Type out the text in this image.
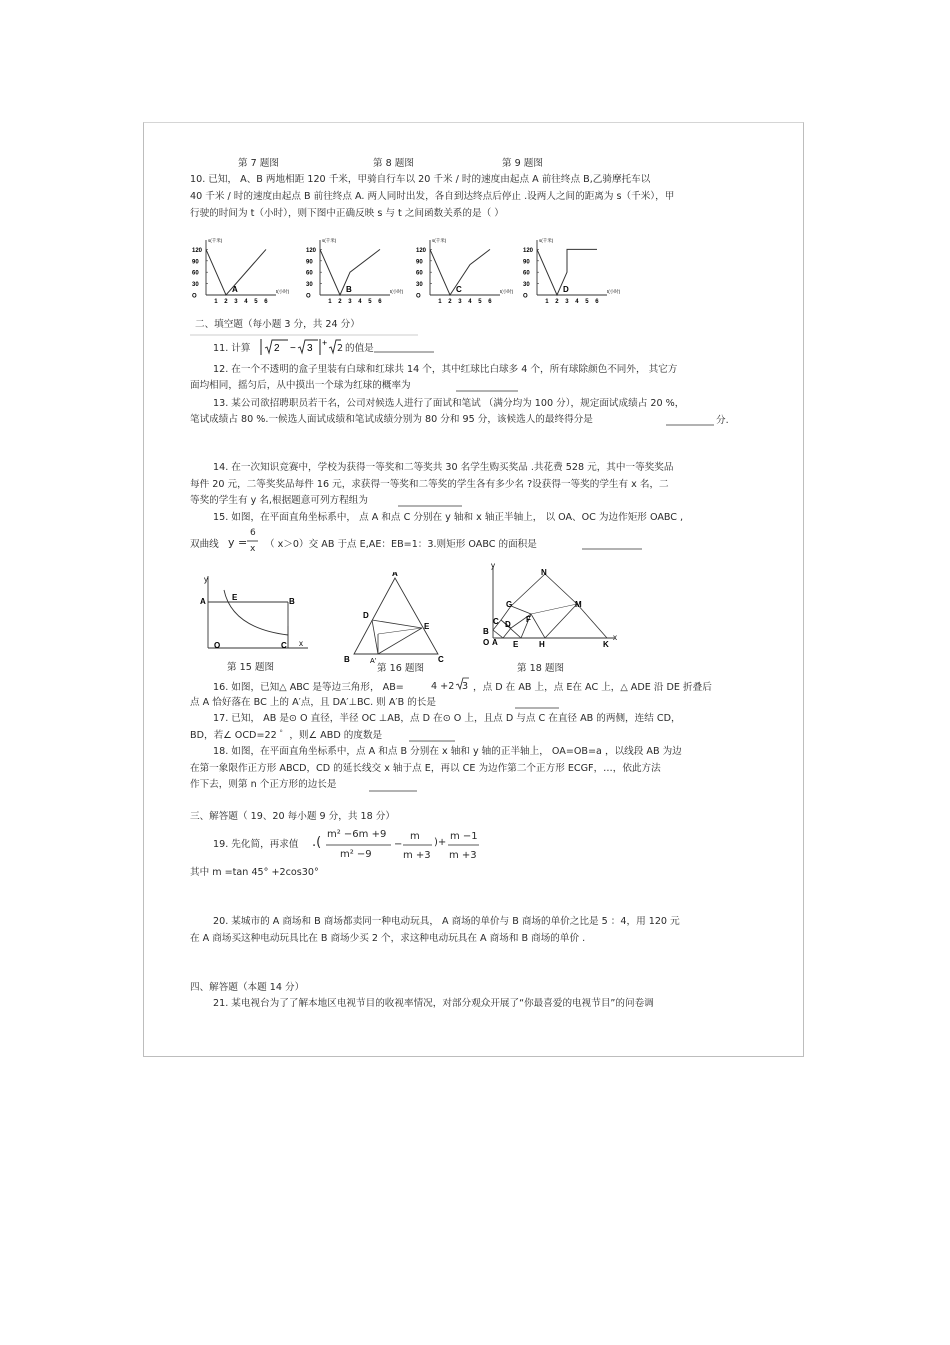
第 7 题图	第 8 题图	第 9 题图
10. 已知， A、B 两地相距 120 千米，甲骑自行车以 20 千米 / 时的速度由起点 A 前往终点 B,乙骑摩托车以
40 千米 / 时的速度由起点 B 前往终点 A. 两人同时出发，各自到达终点后停止 .设两人之间的距离为 s（千米），甲
行驶的时间为 t（小时），则下图中正确反映 s 与 t 之间函数关系的是（ ）
s(千米)
t(小时)
120
90
60
30
O
1 2 3 4 5 6
A
s(千米)
t(小时)
120
90
60
30
O
1 2 3 4 5 6
B
s(千米)
t(小时)
120
90
60
30
O
1 2 3 4 5 6
C
s(千米)
t(小时)
120
90
60
30
O
1 2 3 4 5 6
D
二、填空题（每小题 3 分，共 24 分）
11. 计算 2 − 3 + 2 的值是
12. 在一个不透明的盒子里装有白球和红球共 14 个，其中红球比白球多 4 个，所有球除颜色不同外， 其它方
面均相同，摇匀后，从中摸出一个球为红球的概率为
13. 某公司欲招聘职员若干名，公司对候选人进行了面试和笔试 （满分均为 100 分），规定面试成绩占 20 %，
笔试成绩占 80 %.一候选人面试成绩和笔试成绩分别为 80 分和 95 分，该候选人的最终得分是	分.
14. 在一次知识竞赛中，学校为获得一等奖和二等奖共 30 名学生购买奖品 .共花费 528 元，其中一等奖奖品
每件 20 元，二等奖奖品每件 16 元，求获得一等奖和二等奖的学生各有多少名 ?设获得一等奖的学生有 x 名，二
等奖的学生有 y 名,根据题意可列方程组为
15. 如图，在平面直角坐标系中， 点 A 和点 C 分别在 y 轴和 x 轴正半轴上， 以 OA、OC 为边作矩形 OABC ,
双曲线 y =
6
x （ x＞0）交 AB 于点 E,AE：EB=1：3.则矩形 OABC 的面积是
y
A	E	B
O	C x
第 15 题图
A
D
E
B	C
A'
第 16 题图
y
x
N
G	M
F
D
B
C
O A E	H	K
第 18 题图
16. 如图，已知△ ABC 是等边三角形， AB=	4 +2 3 ，点 D 在 AB 上，点 E在 AC 上，△ ADE 沿 DE 折叠后
点 A 恰好落在 BC 上的 A′点，且 DA′⊥BC. 则 A′B 的长是
17. 已知， AB 是⊙ O 直径，半径 OC ⊥AB，点 D 在⊙ O 上，且点 D 与点 C 在直径 AB 的两侧，连结 CD，
BD，若∠ OCD=22 ゜，则∠ ABD 的度数是
18. 如图，在平面直角坐标系中，点 A 和点 B 分别在 x 轴和 y 轴的正半轴上， OA=OB=a ，以线段 AB 为边
在第一象限作正方形 ABCD，CD 的延长线交 x 轴于点 E，再以 CE 为边作第二个正方形 ECGF，…，依此方法
作下去，则第 n 个正方形的边长是
三、解答题（ 19、20 每小题 9 分，共 18 分）
19. 先化简，再求值 .(
m² −6m +9
m² −9
−
m
m +3
)+
m −1
m +3
其中 m =tan 45° +2cos30°
20. 某城市的 A 商场和 B 商场都卖同一种电动玩具， A 商场的单价与 B 商场的单价之比是 5 ：4，用 120 元
在 A 商场买这种电动玩具比在 B 商场少买 2 个，求这种电动玩具在 A 商场和 B 商场的单价 .
四、解答题（本题 14 分）
21. 某电视台为了了解本地区电视节目的收视率情况，对部分观众开展了“你最喜爱的电视节目”的问卷调
